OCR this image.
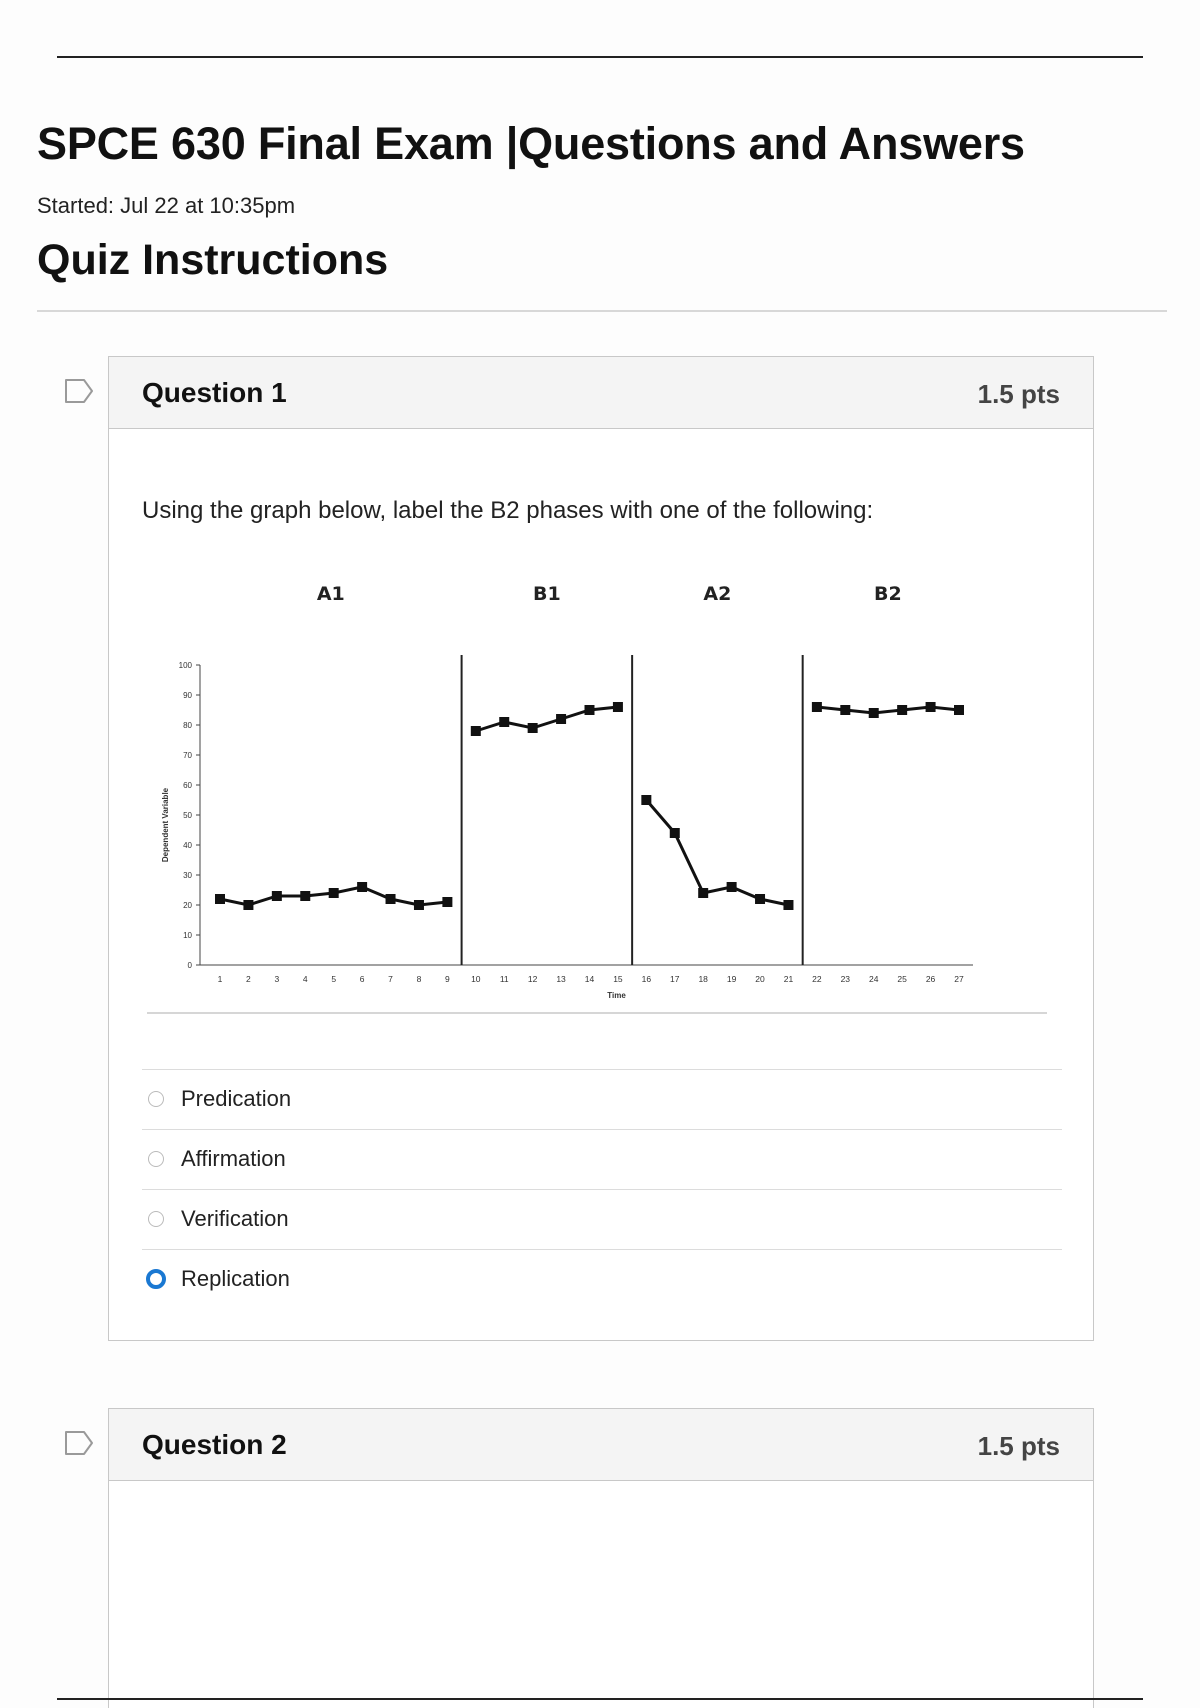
SPCE 630 Final Exam |Questions and Answers
Started: Jul 22 at 10:35pm
Quiz Instructions
Question 1	1.5 pts
Using the graph below, label the B2 phases with one of the following:
0
10
20
30
40
50
60
70
80
90
100
1	2	3	4	5	6	7	8	9	10 11 12 13 14 15 16 17 18 19 20 21 22 23 24 25 26 27
Time
Dependent Variable
A1	B1	A2	B2
Predication
Affirmation
Verification
Replication
Question 2	1.5 pts
